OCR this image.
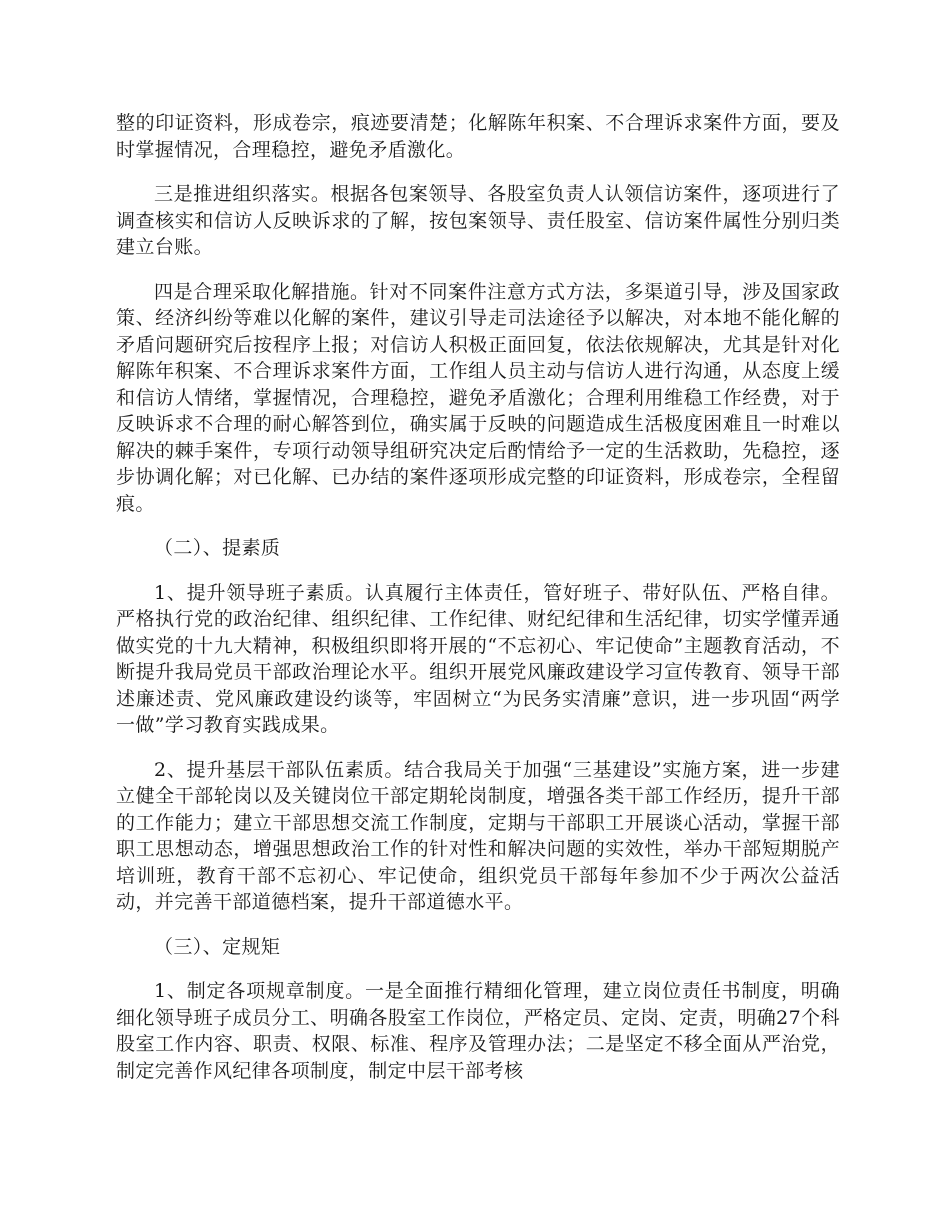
整的印证资料，形成卷宗，痕迹要清楚；化解陈年积案、不合理诉求案件方面，要及时掌握情况，合理稳控，避免矛盾激化。

三是推进组织落实。根据各包案领导、各股室负责人认领信访案件，逐项进行了调查核实和信访人反映诉求的了解，按包案领导、责任股室、信访案件属性分别归类建立台账。

四是合理采取化解措施。针对不同案件注意方式方法，多渠道引导，涉及国家政策、经济纠纷等难以化解的案件，建议引导走司法途径予以解决，对本地不能化解的矛盾问题研究后按程序上报；对信访人积极正面回复，依法依规解决，尤其是针对化解陈年积案、不合理诉求案件方面，工作组人员主动与信访人进行沟通，从态度上缓和信访人情绪，掌握情况，合理稳控，避免矛盾激化；合理利用维稳工作经费，对于反映诉求不合理的耐心解答到位，确实属于反映的问题造成生活极度困难且一时难以解决的棘手案件，专项行动领导组研究决定后酌情给予一定的生活救助，先稳控，逐步协调化解；对已化解、已办结的案件逐项形成完整的印证资料，形成卷宗，全程留痕。

（二）、提素质

1、提升领导班子素质。认真履行主体责任，管好班子、带好队伍、严格自律。严格执行党的政治纪律、组织纪律、工作纪律、财纪纪律和生活纪律，切实学懂弄通做实党的十九大精神，积极组织即将开展的“不忘初心、牢记使命”主题教育活动，不断提升我局党员干部政治理论水平。组织开展党风廉政建设学习宣传教育、领导干部述廉述责、党风廉政建设约谈等，牢固树立“为民务实清廉”意识，进一步巩固“两学一做”学习教育实践成果。

2、提升基层干部队伍素质。结合我局关于加强“三基建设”实施方案，进一步建立健全干部轮岗以及关键岗位干部定期轮岗制度，增强各类干部工作经历，提升干部的工作能力；建立干部思想交流工作制度，定期与干部职工开展谈心活动，掌握干部职工思想动态，增强思想政治工作的针对性和解决问题的实效性，举办干部短期脱产培训班，教育干部不忘初心、牢记使命，组织党员干部每年参加不少于两次公益活动，并完善干部道德档案，提升干部道德水平。

（三）、定规矩

1、制定各项规章制度。一是全面推行精细化管理，建立岗位责任书制度，明确细化领导班子成员分工、明确各股室工作岗位，严格定员、定岗、定责，明确27个科股室工作内容、职责、权限、标准、程序及管理办法；二是坚定不移全面从严治党，制定完善作风纪律各项制度，制定中层干部考核
